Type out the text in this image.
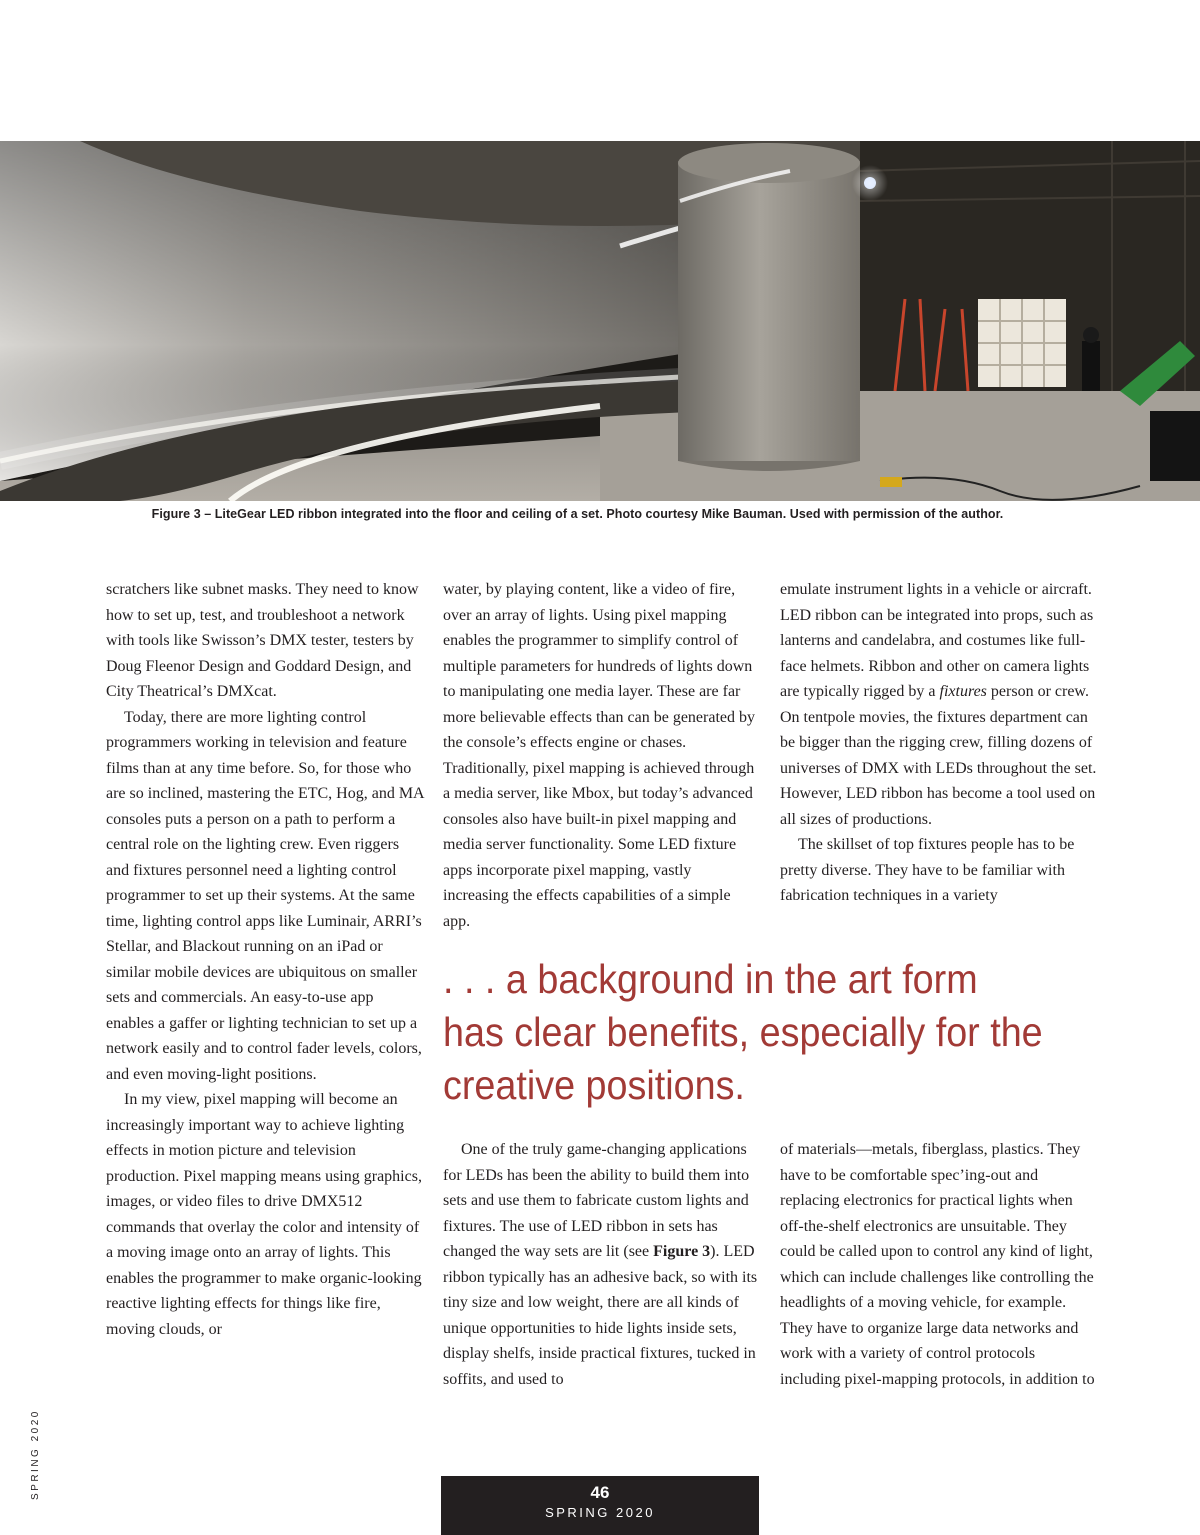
Figure 3 – LiteGear LED ribbon integrated into the floor and ceiling of a set. Photo courtesy Mike Bauman. Used with permission of the author.

scratchers like subnet masks. They need to know how to set up, test, and troubleshoot a network with tools like Swisson’s DMX tester, testers by Doug Fleenor Design and Goddard Design, and City Theatrical’s DMXcat.

Today, there are more lighting control programmers working in television and feature films than at any time before. So, for those who are so inclined, mastering the ETC, Hog, and MA consoles puts a person on a path to perform a central role on the lighting crew. Even riggers and fixtures personnel need a lighting control programmer to set up their systems. At the same time, lighting control apps like Luminair, ARRI’s Stellar, and Blackout running on an iPad or similar mobile devices are ubiquitous on smaller sets and commercials. An easy-to-use app enables a gaffer or lighting technician to set up a network easily and to control fader levels, colors, and even moving-light positions.

In my view, pixel mapping will become an increasingly important way to achieve lighting effects in motion picture and television production. Pixel mapping means using graphics, images, or video files to drive DMX512 commands that overlay the color and intensity of a moving image onto an array of lights. This enables the programmer to make organic-looking reactive lighting effects for things like fire, moving clouds, or

water, by playing content, like a video of fire, over an array of lights. Using pixel mapping enables the programmer to simplify control of multiple parameters for hundreds of lights down to manipulating one media layer. These are far more believable effects than can be generated by the console’s effects engine or chases. Traditionally, pixel mapping is achieved through a media server, like Mbox, but today’s advanced consoles also have built-in pixel mapping and media server functionality. Some LED fixture apps incorporate pixel mapping, vastly increasing the effects capabilities of a simple app.

emulate instrument lights in a vehicle or aircraft. LED ribbon can be integrated into props, such as lanterns and candelabra, and costumes like full-face helmets. Ribbon and other on camera lights are typically rigged by a fixtures person or crew. On tentpole movies, the fixtures department can be bigger than the rigging crew, filling dozens of universes of DMX with LEDs throughout the set. However, LED ribbon has become a tool used on all sizes of productions.

The skillset of top fixtures people has to be pretty diverse. They have to be familiar with fabrication techniques in a variety

. . . a background in the art form
has clear benefits, especially for the
creative positions.

One of the truly game-changing applications for LEDs has been the ability to build them into sets and use them to fabricate custom lights and fixtures. The use of LED ribbon in sets has changed the way sets are lit (see Figure 3). LED ribbon typically has an adhesive back, so with its tiny size and low weight, there are all kinds of unique opportunities to hide lights inside sets, display shelfs, inside practical fixtures, tucked in soffits, and used to

of materials—metals, fiberglass, plastics. They have to be comfortable spec’ing-out and replacing electronics for practical lights when off-the-shelf electronics are unsuitable. They could be called upon to control any kind of light, which can include challenges like controlling the headlights of a moving vehicle, for example. They have to organize large data networks and work with a variety of control protocols including pixel-mapping protocols, in addition to

SPRING 2020	46
SPRING 2020
